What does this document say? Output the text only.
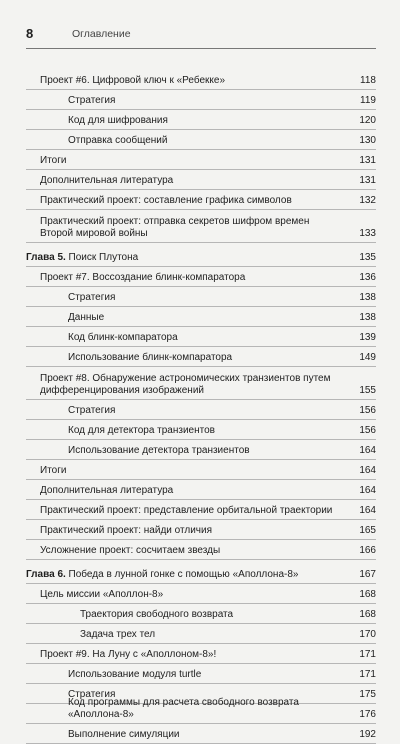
8	Оглавление
Проект #6. Цифровой ключ к «Ребекке»	118
Стратегия	119
Код для шифрования	120
Отправка сообщений	130
Итоги	131
Дополнительная литература	131
Практический проект: составление графика символов	132
Практический проект: отправка секретов шифром времен
Второй мировой войны	133
Глава 5. Поиск Плутона	135
Проект #7. Воссоздание блинк-компаратора	136
Стратегия	138
Данные	138
Код блинк-компаратора	139
Использование блинк-компаратора	149
Проект #8. Обнаружение астрономических транзиентов путем
дифференцирования изображений	155
Стратегия	156
Код для детектора транзиентов	156
Использование детектора транзиентов	164
Итоги	164
Дополнительная литература	164
Практический проект: представление орбитальной траектории	164
Практический проект: найди отличия	165
Усложнение проект: сосчитаем звезды	166
Глава 6. Победа в лунной гонке с помощью «Аполлона-8»	167
Цель миссии «Аполлон-8»	168
Траектория свободного возврата	168
Задача трех тел	170
Проект #9. На Луну с «Аполлоном-8»!	171
Использование модуля turtle	171
Стратегия	175
Код программы для расчета свободного возврата «Аполлона-8»	176
Выполнение симуляции	192
